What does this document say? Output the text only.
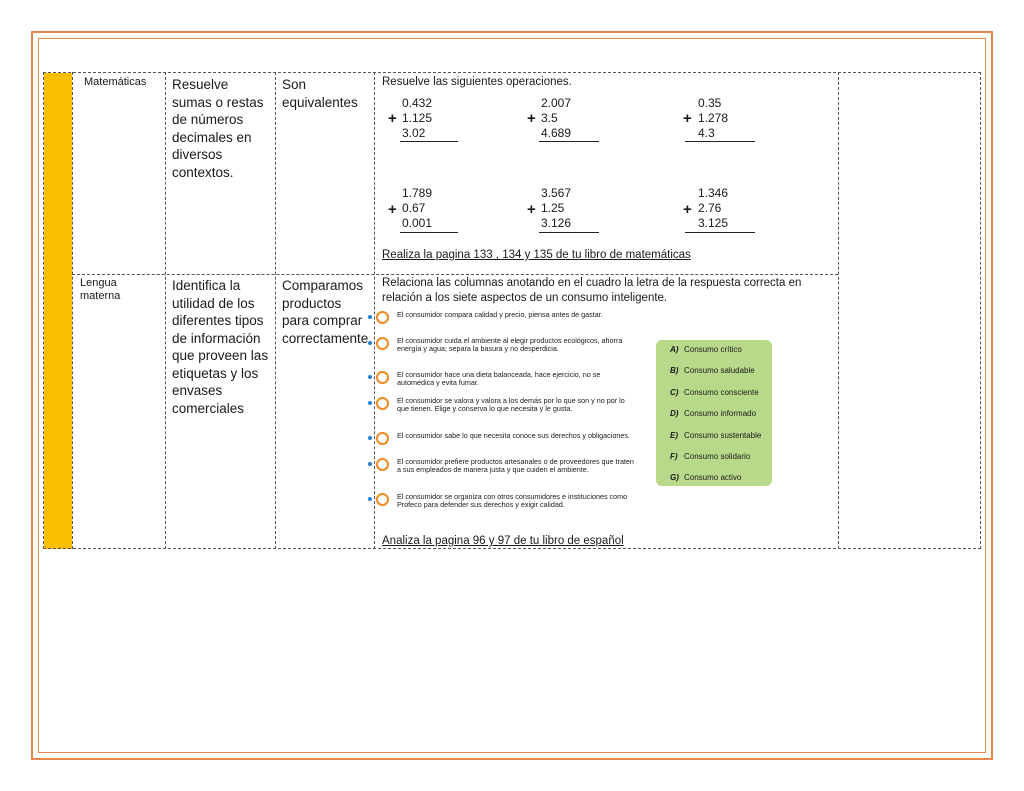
Matemáticas	Resuelve sumas o restas de números decimales en diversos contextos.
Son equivalentes
Resuelve las siguientes operaciones.
0.432
1.125
3.02
+
2.007
3.5
4.689
+
0.35
1.278
4.3
+
1.789
0.67
0.001
+
3.567
1.25
3.126
+
1.346
2.76
3.125
+
Realiza la pagina 133 , 134 y 135 de tu libro de matemáticas
Lengua materna
Identifica la utilidad de los diferentes tipos de información que proveen las etiquetas y los envases comerciales
Comparamos productos para comprar correctamente
Relaciona las columnas anotando en el cuadro la letra de la respuesta correcta en relación a los siete aspectos de un consumo inteligente.
El consumidor compara calidad y precio, piensa antes de gastar.
El consumidor cuida el ambiente al elegir productos ecológicos, ahorra energía y agua; separa la basura y no desperdicia.
El consumidor hace una dieta balanceada, hace ejercicio, no se automedica y evita fumar.
El consumidor se valora y valora a los demás por lo que son y no por lo que tienen. Elige y conserva lo que necesita y le gusta.
El consumidor sabe lo que necesita conoce sus derechos y obligaciones.
El consumidor prefiere productos artesanales o de proveedores que traten a sus empleados de manera justa y que cuiden el ambiente.
El consumidor se organiza con otros consumidores e instituciones como Profeco para defender sus derechos y exigir calidad.
A) Consumo crítico
B) Consumo saludable
C) Consumo consciente
D) Consumo informado
E) Consumo sustentable
F) Consumo solidario
G) Consumo activo
Analiza la pagina 96 y 97 de tu libro de español
